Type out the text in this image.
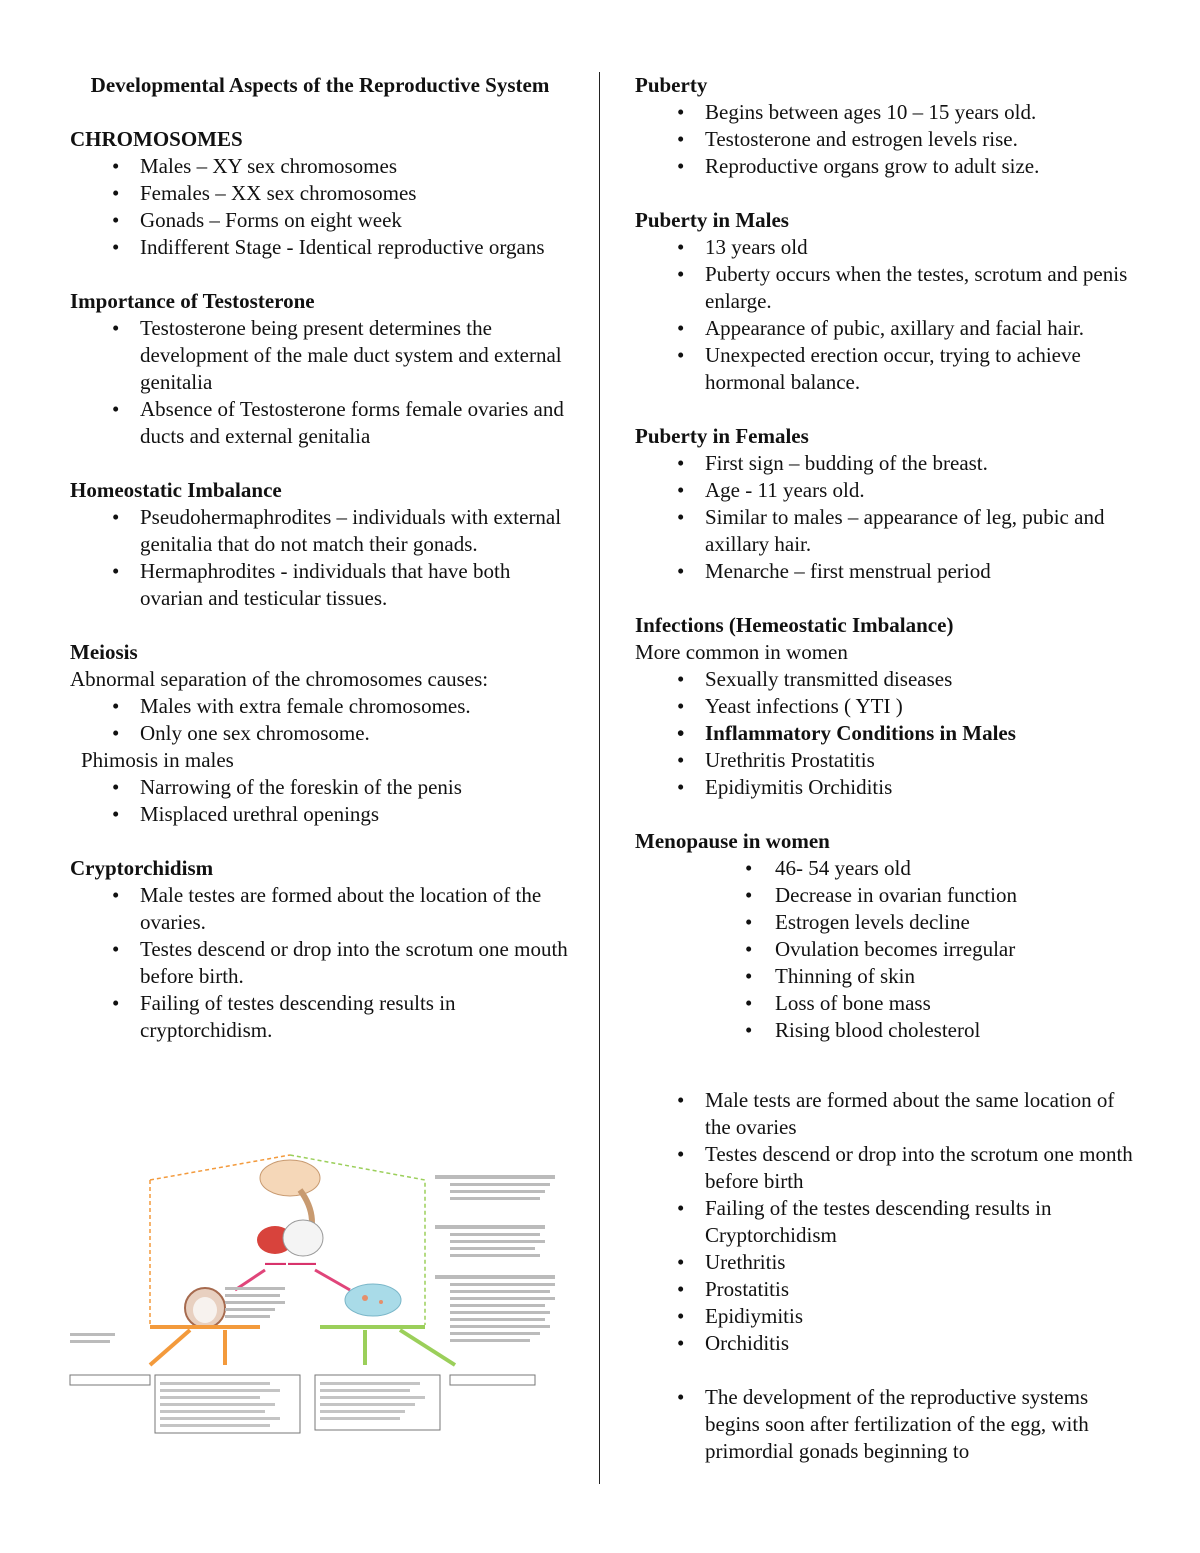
Developmental Aspects of the Reproductive System
CHROMOSOMES
• Males – XY sex chromosomes
• Females – XX sex chromosomes
• Gonads – Forms on eight week
• Indifferent Stage - Identical reproductive organs
Importance of Testosterone
• Testosterone being present determines the development of the male duct system and external genitalia
• Absence of Testosterone forms female ovaries and ducts and external genitalia
Homeostatic Imbalance
• Pseudohermaphrodites – individuals with external genitalia that do not match their gonads.
• Hermaphrodites - individuals that have both ovarian and testicular tissues.
Meiosis
Abnormal separation of the chromosomes causes:
• Males with extra female chromosomes.
• Only one sex chromosome.
Phimosis in males
• Narrowing of the foreskin of the penis
• Misplaced urethral openings
Cryptorchidism
• Male testes are formed about the location of the ovaries.
• Testes descend or drop into the scrotum one mouth before birth.
• Failing of testes descending results in cryptorchidism.
▬▬▬ ▬▬▬▬
Puberty
• Begins between ages 10 – 15 years old.
• Testosterone and estrogen levels rise.
• Reproductive organs grow to adult size.
Puberty in Males
• 13 years old
• Puberty occurs when the testes, scrotum and penis enlarge.
• Appearance of pubic, axillary and facial hair.
• Unexpected erection occur, trying to achieve hormonal balance.
Puberty in Females
• First sign – budding of the breast.
• Age - 11 years old.
• Similar to males – appearance of leg, pubic and axillary hair.
• Menarche – first menstrual period
Infections (Hemeostatic Imbalance)
More common in women
• Sexually transmitted diseases
• Yeast infections ( YTI )
• Inflammatory Conditions in Males
• Urethritis Prostatitis
• Epidiymitis Orchiditis
Menopause in women
• 46- 54 years old
• Decrease in ovarian function
• Estrogen levels decline
• Ovulation becomes irregular
• Thinning of skin
• Loss of bone mass
• Rising blood cholesterol
• Male tests are formed about the same location of the ovaries
• Testes descend or drop into the scrotum one month before birth
• Failing of the testes descending results in Cryptorchidism
• Urethritis
• Prostatitis
• Epidiymitis
• Orchiditis
• The development of the reproductive systems begins soon after fertilization of the egg, with primordial gonads beginning to
